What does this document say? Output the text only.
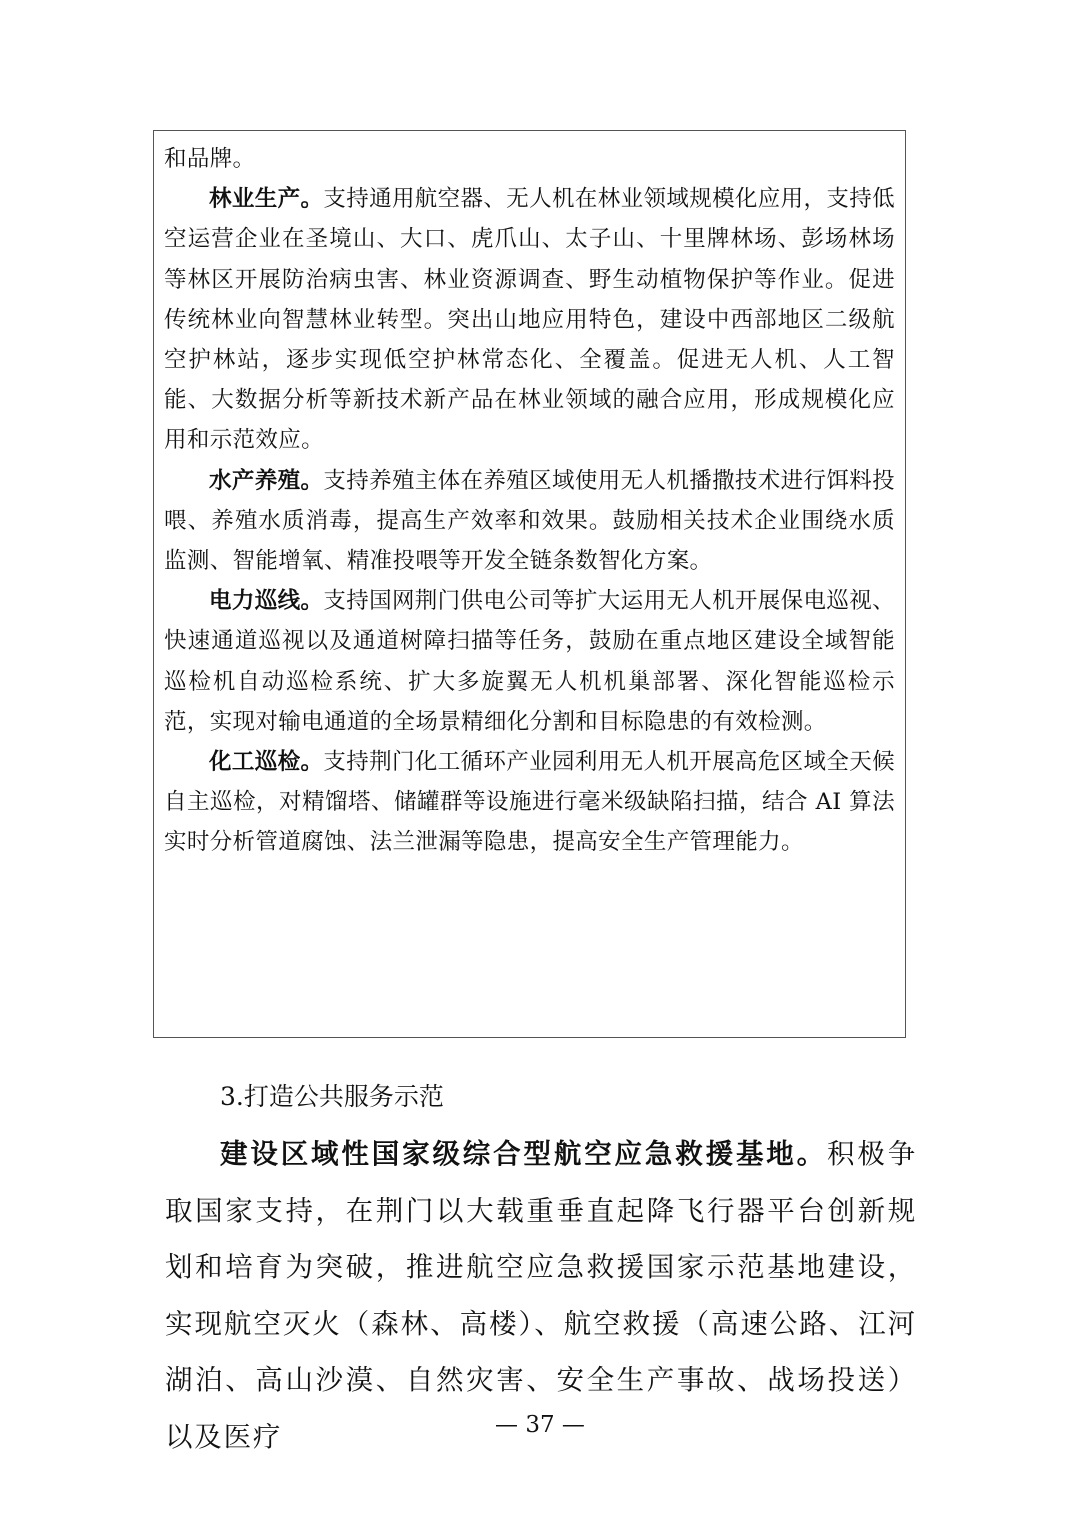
和品牌。

林业生产。支持通用航空器、无人机在林业领域规模化应用，支持低空运营企业在圣境山、大口、虎爪山、太子山、十里牌林场、彭场林场等林区开展防治病虫害、林业资源调查、野生动植物保护等作业。促进传统林业向智慧林业转型。突出山地应用特色，建设中西部地区二级航空护林站，逐步实现低空护林常态化、全覆盖。促进无人机、人工智能、大数据分析等新技术新产品在林业领域的融合应用，形成规模化应用和示范效应。

水产养殖。支持养殖主体在养殖区域使用无人机播撒技术进行饵料投喂、养殖水质消毒，提高生产效率和效果。鼓励相关技术企业围绕水质监测、智能增氧、精准投喂等开发全链条数智化方案。

电力巡线。支持国网荆门供电公司等扩大运用无人机开展保电巡视、快速通道巡视以及通道树障扫描等任务，鼓励在重点地区建设全域智能巡检机自动巡检系统、扩大多旋翼无人机机巢部署、深化智能巡检示范，实现对输电通道的全场景精细化分割和目标隐患的有效检测。

化工巡检。支持荆门化工循环产业园利用无人机开展高危区域全天候自主巡检，对精馏塔、储罐群等设施进行毫米级缺陷扫描，结合 AI 算法实时分析管道腐蚀、法兰泄漏等隐患，提高安全生产管理能力。

3.打造公共服务示范

建设区域性国家级综合型航空应急救援基地。积极争取国家支持，在荆门以大载重垂直起降飞行器平台创新规划和培育为突破，推进航空应急救援国家示范基地建设，实现航空灭火（森林、高楼）、航空救援（高速公路、江河湖泊、高山沙漠、自然灾害、安全生产事故、战场投送）以及医疗	— 37 —
